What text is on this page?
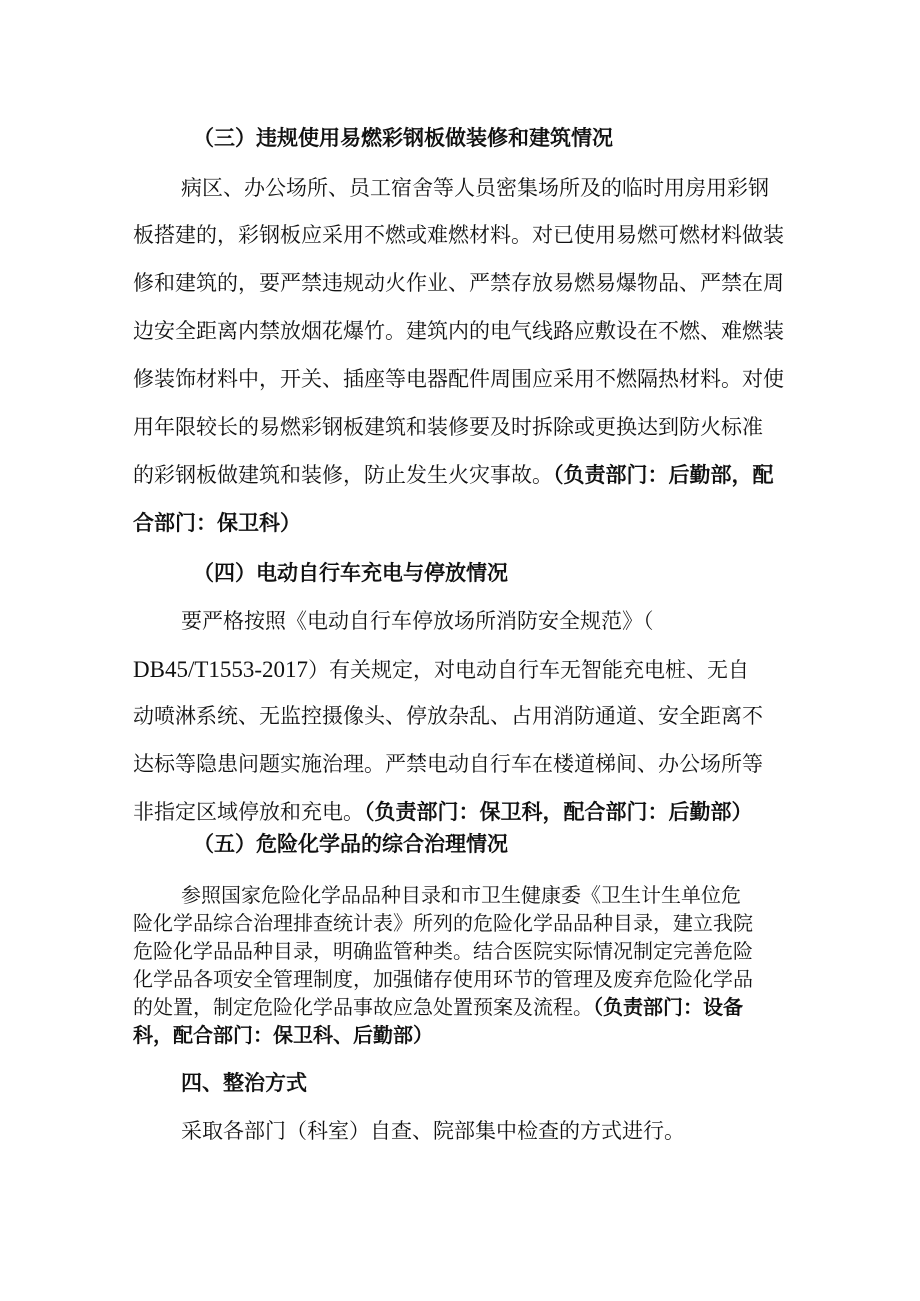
（三）违规使用易燃彩钢板做装修和建筑情况
病区、办公场所、员工宿舍等人员密集场所及的临时用房用彩钢
板搭建的，彩钢板应采用不燃或难燃材料。对已使用易燃可燃材料做装
修和建筑的，要严禁违规动火作业、严禁存放易燃易爆物品、严禁在周
边安全距离内禁放烟花爆竹。建筑内的电气线路应敷设在不燃、难燃装
修装饰材料中，开关、插座等电器配件周围应采用不燃隔热材料。对使
用年限较长的易燃彩钢板建筑和装修要及时拆除或更换达到防火标准
的彩钢板做建筑和装修，防止发生火灾事故。（负责部门：后勤部，配
合部门：保卫科）
（四）电动自行车充电与停放情况
要严格按照《电动自行车停放场所消防安全规范》（
DB45/T1553-2017）有关规定，对电动自行车无智能充电桩、无自
动喷淋系统、无监控摄像头、停放杂乱、占用消防通道、安全距离不
达标等隐患问题实施治理。严禁电动自行车在楼道梯间、办公场所等
非指定区域停放和充电。（负责部门：保卫科，配合部门：后勤部）
（五）危险化学品的综合治理情况
参照国家危险化学品品种目录和市卫生健康委《卫生计生单位危
险化学品综合治理排查统计表》所列的危险化学品品种目录，建立我院
危险化学品品种目录，明确监管种类。结合医院实际情况制定完善危险
化学品各项安全管理制度，加强储存使用环节的管理及废弃危险化学品
的处置，制定危险化学品事故应急处置预案及流程。（负责部门：设备
科，配合部门：保卫科、后勤部）
四、整治方式
采取各部门（科室）自查、院部集中检查的方式进行。
